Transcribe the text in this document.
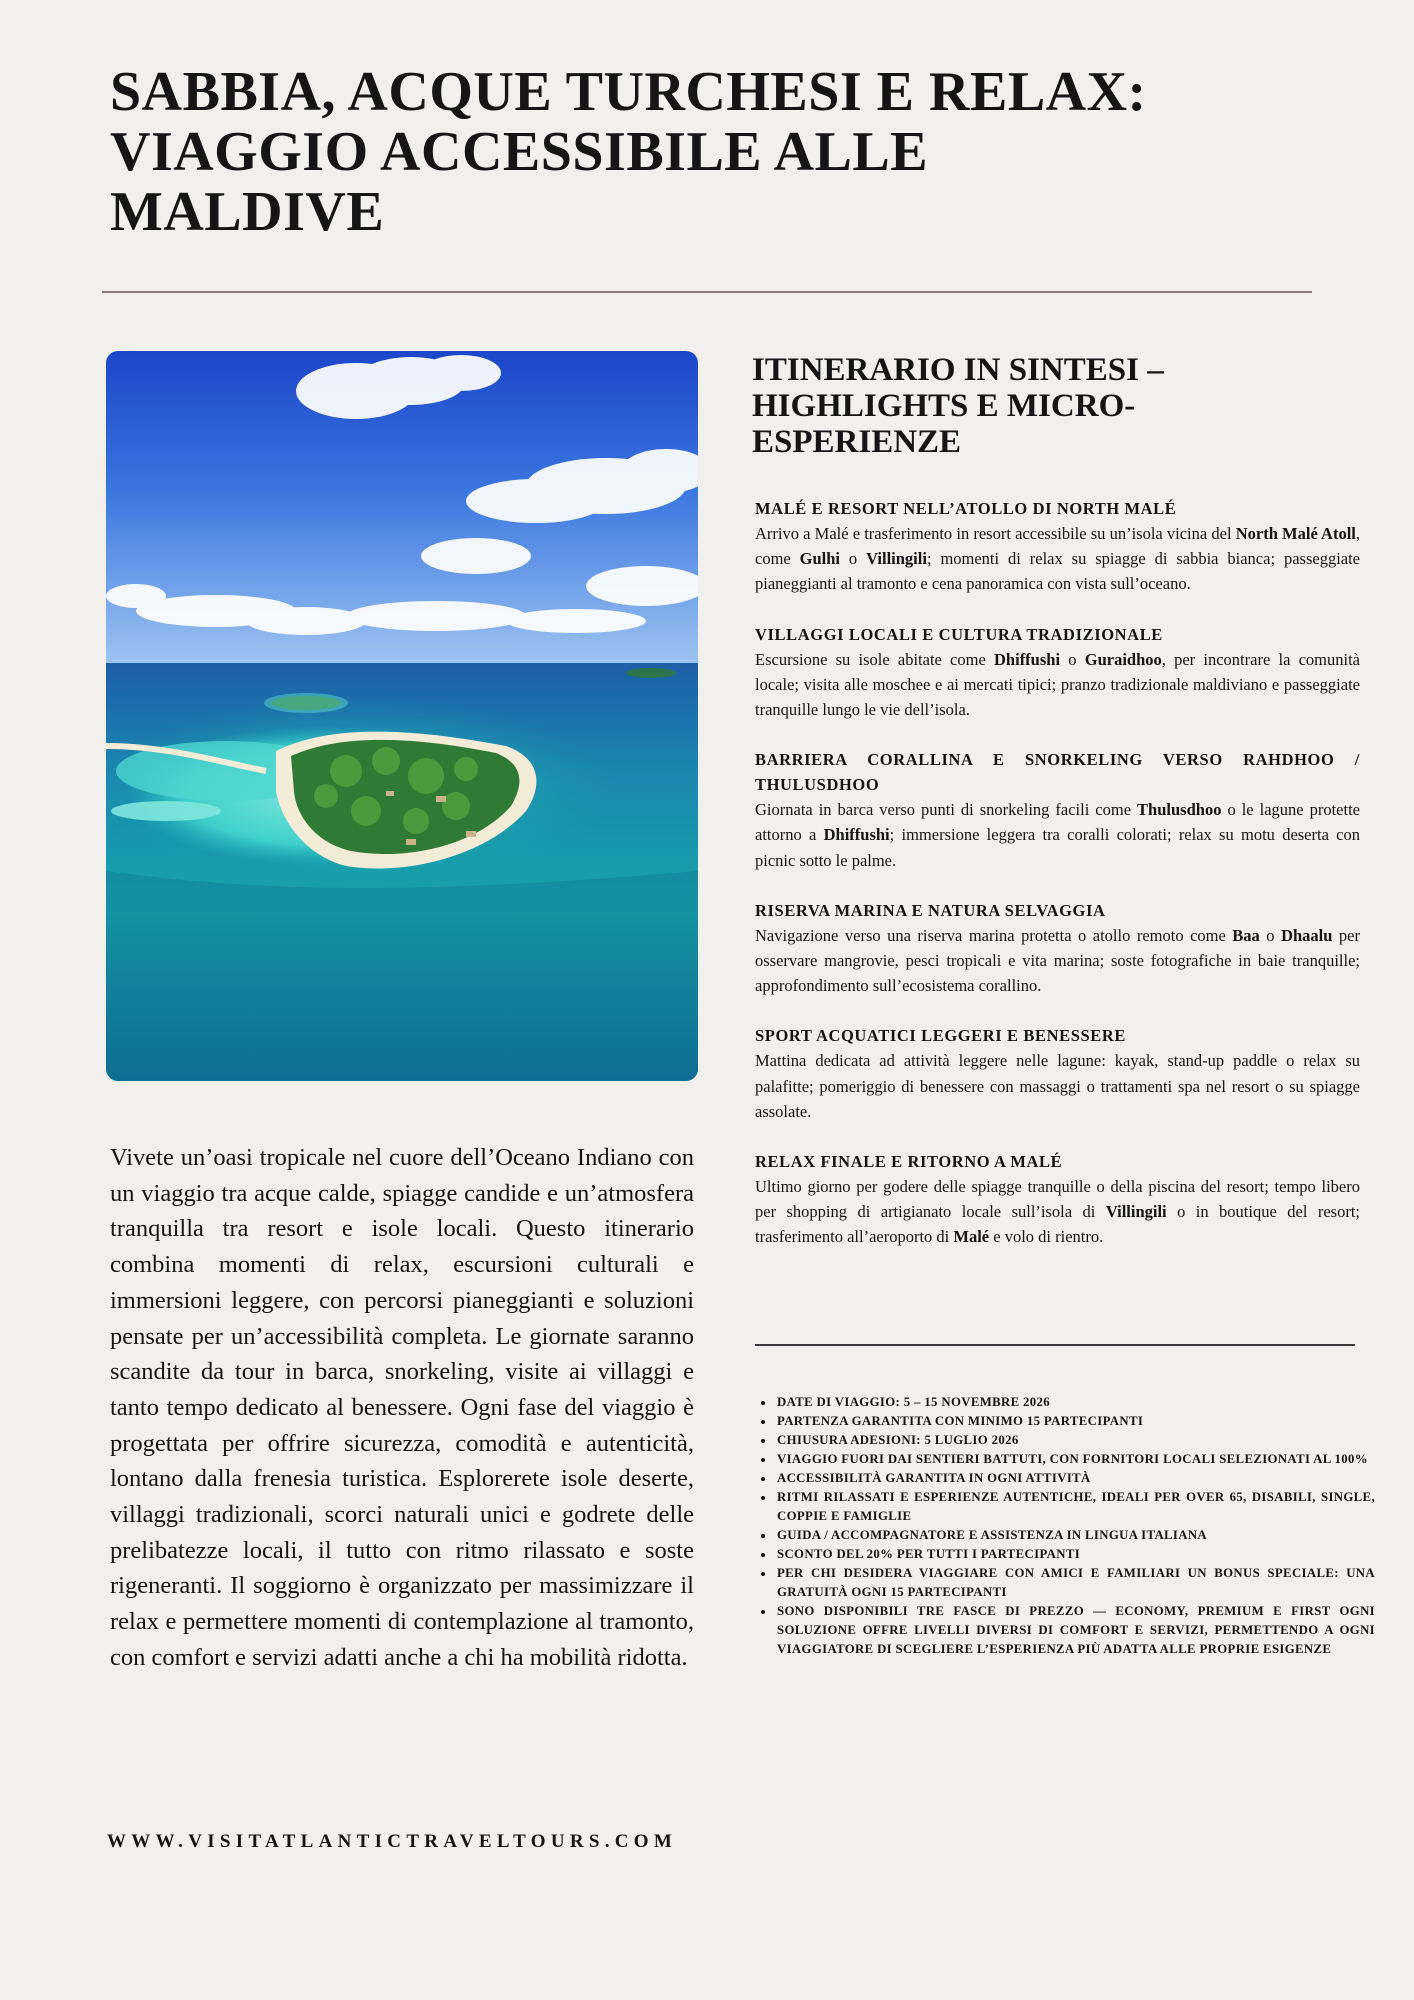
SABBIA, ACQUE TURCHESI E RELAX:
VIAGGIO ACCESSIBILE ALLE
MALDIVE

Vivete un’oasi tropicale nel cuore dell’Oceano Indiano con un viaggio tra acque calde, spiagge candide e un’atmosfera tranquilla tra resort e isole locali. Questo itinerario combina momenti di relax, escursioni culturali e immersioni leggere, con percorsi pianeggianti e soluzioni pensate per un’accessibilità completa. Le giornate saranno scandite da tour in barca, snorkeling, visite ai villaggi e tanto tempo dedicato al benessere. Ogni fase del viaggio è progettata per offrire sicurezza, comodità e autenticità, lontano dalla frenesia turistica. Esplorerete isole deserte, villaggi tradizionali, scorci naturali unici e godrete delle prelibatezze locali, il tutto con ritmo rilassato e soste rigeneranti. Il soggiorno è organizzato per massimizzare il relax e permettere momenti di contemplazione al tramonto, con comfort e servizi adatti anche a chi ha mobilità ridotta.

WWW.VISITATLANTICTRAVELTOURS.COM

ITINERARIO IN SINTESI –
HIGHLIGHTS E MICRO-
ESPERIENZE

MALÉ E RESORT NELL’ATOLLO DI NORTH MALÉ

Arrivo a Malé e trasferimento in resort accessibile su un’isola vicina del North Malé Atoll, come Gulhi o Villingili; momenti di relax su spiagge di sabbia bianca; passeggiate pianeggianti al tramonto e cena panoramica con vista sull’oceano.

VILLAGGI LOCALI E CULTURA TRADIZIONALE

Escursione su isole abitate come Dhiffushi o Guraidhoo, per incontrare la comunità locale; visita alle moschee e ai mercati tipici; pranzo tradizionale maldiviano e passeggiate tranquille lungo le vie dell’isola.

BARRIERA CORALLINA E SNORKELING VERSO RAHDHOO / THULUSDHOO

Giornata in barca verso punti di snorkeling facili come Thulusdhoo o le lagune protette attorno a Dhiffushi; immersione leggera tra coralli colorati; relax su motu deserta con picnic sotto le palme.

RISERVA MARINA E NATURA SELVAGGIA

Navigazione verso una riserva marina protetta o atollo remoto come Baa o Dhaalu per osservare mangrovie, pesci tropicali e vita marina; soste fotografiche in baie tranquille; approfondimento sull’ecosistema corallino.

SPORT ACQUATICI LEGGERI E BENESSERE

Mattina dedicata ad attività leggere nelle lagune: kayak, stand-up paddle o relax su palafitte; pomeriggio di benessere con massaggi o trattamenti spa nel resort o su spiagge assolate.

RELAX FINALE E RITORNO A MALÉ

Ultimo giorno per godere delle spiagge tranquille o della piscina del resort; tempo libero per shopping di artigianato locale sull’isola di Villingili o in boutique del resort; trasferimento all’aeroporto di Malé e volo di rientro.

• DATE DI VIAGGIO: 5 – 15 NOVEMBRE 2026
• PARTENZA GARANTITA CON MINIMO 15 PARTECIPANTI
• CHIUSURA ADESIONI: 5 LUGLIO 2026
• VIAGGIO FUORI DAI SENTIERI BATTUTI, CON FORNITORI LOCALI SELEZIONATI AL 100%
• ACCESSIBILITÀ GARANTITA IN OGNI ATTIVITÀ
• RITMI RILASSATI E ESPERIENZE AUTENTICHE, IDEALI PER OVER 65, DISABILI, SINGLE, COPPIE E FAMIGLIE
• GUIDA / ACCOMPAGNATORE E ASSISTENZA IN LINGUA ITALIANA
• SCONTO DEL 20% PER TUTTI I PARTECIPANTI
• PER CHI DESIDERA VIAGGIARE CON AMICI E FAMILIARI UN BONUS SPECIALE: UNA GRATUITÀ OGNI 15 PARTECIPANTI
• SONO DISPONIBILI TRE FASCE DI PREZZO — ECONOMY, PREMIUM E FIRST OGNI SOLUZIONE OFFRE LIVELLI DIVERSI DI COMFORT E SERVIZI, PERMETTENDO A OGNI VIAGGIATORE DI SCEGLIERE L’ESPERIENZA PIÙ ADATTA ALLE PROPRIE ESIGENZE
